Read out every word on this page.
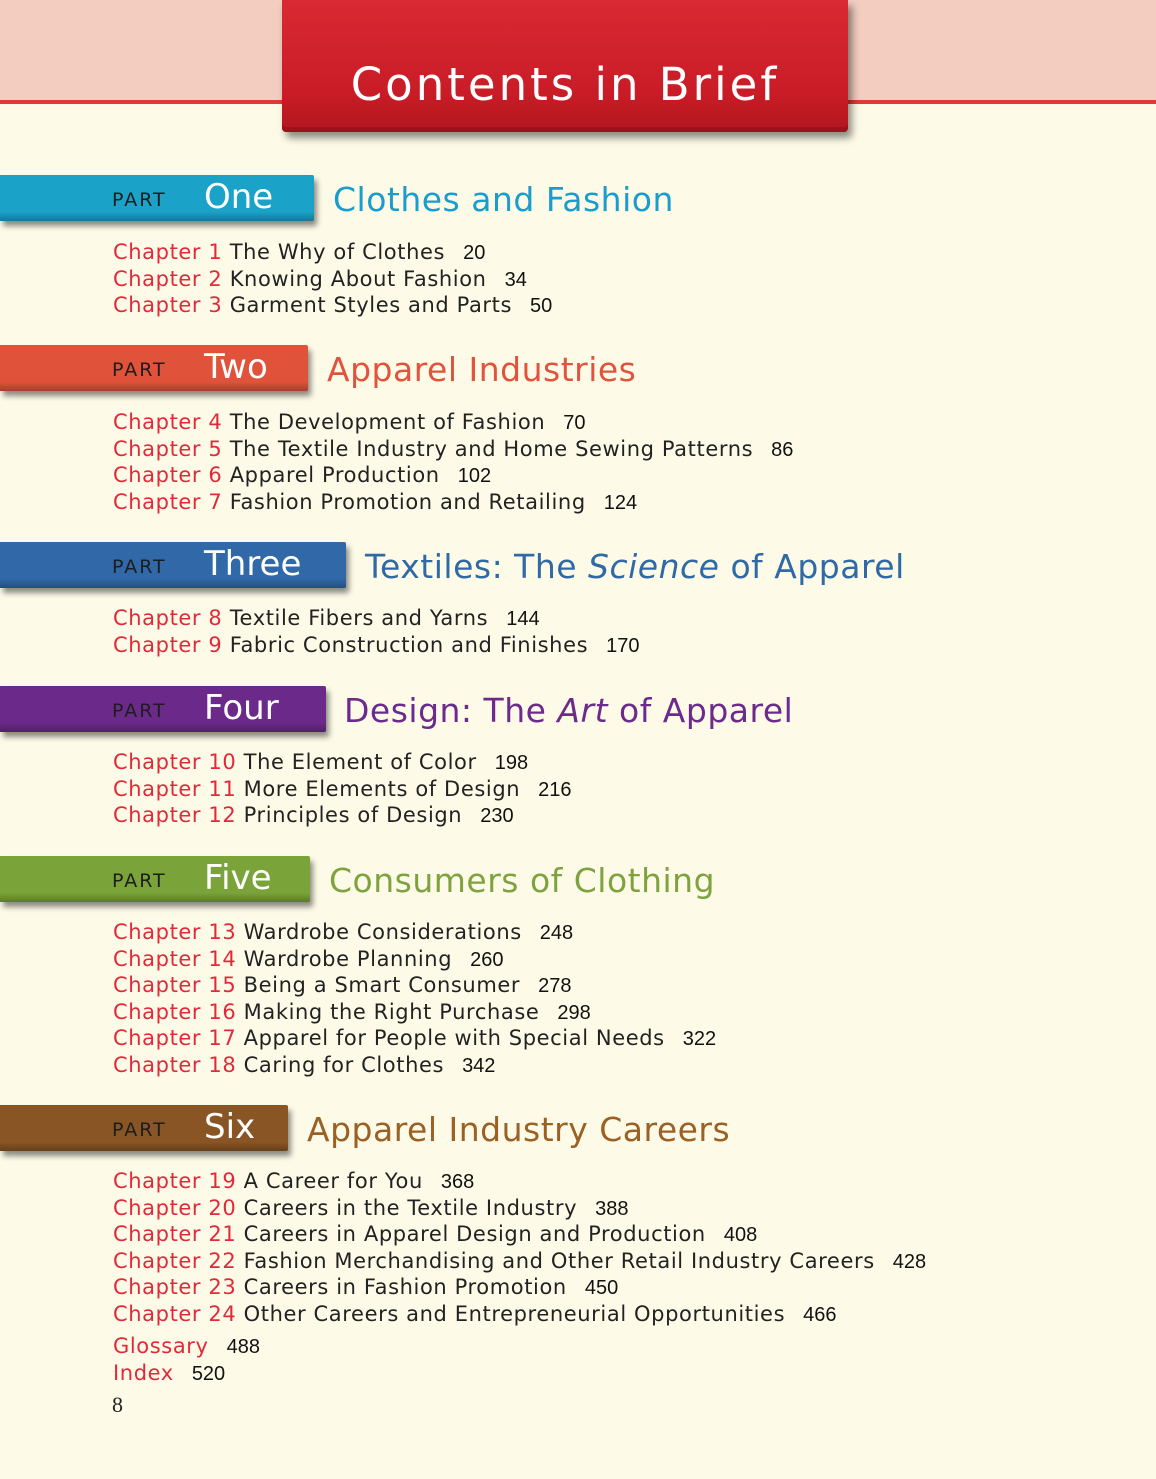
Contents in Brief
PART One Clothes and Fashion
Chapter 1 The Why of Clothes 20
Chapter 2 Knowing About Fashion 34
Chapter 3 Garment Styles and Parts 50
PART Two Apparel Industries
Chapter 4 The Development of Fashion 70
Chapter 5 The Textile Industry and Home Sewing Patterns 86
Chapter 6 Apparel Production 102
Chapter 7 Fashion Promotion and Retailing 124
PART Three Textiles: The Science of Apparel
Chapter 8 Textile Fibers and Yarns 144
Chapter 9 Fabric Construction and Finishes 170
PART Four Design: The Art of Apparel
Chapter 10 The Element of Color 198
Chapter 11 More Elements of Design 216
Chapter 12 Principles of Design 230
PART Five Consumers of Clothing
Chapter 13 Wardrobe Considerations 248
Chapter 14 Wardrobe Planning 260
Chapter 15 Being a Smart Consumer 278
Chapter 16 Making the Right Purchase 298
Chapter 17 Apparel for People with Special Needs 322
Chapter 18 Caring for Clothes 342
PART Six Apparel Industry Careers
Chapter 19 A Career for You 368
Chapter 20 Careers in the Textile Industry 388
Chapter 21 Careers in Apparel Design and Production 408
Chapter 22 Fashion Merchandising and Other Retail Industry Careers 428
Chapter 23 Careers in Fashion Promotion 450
Chapter 24 Other Careers and Entrepreneurial Opportunities 466
Glossary 488
Index 520
8
